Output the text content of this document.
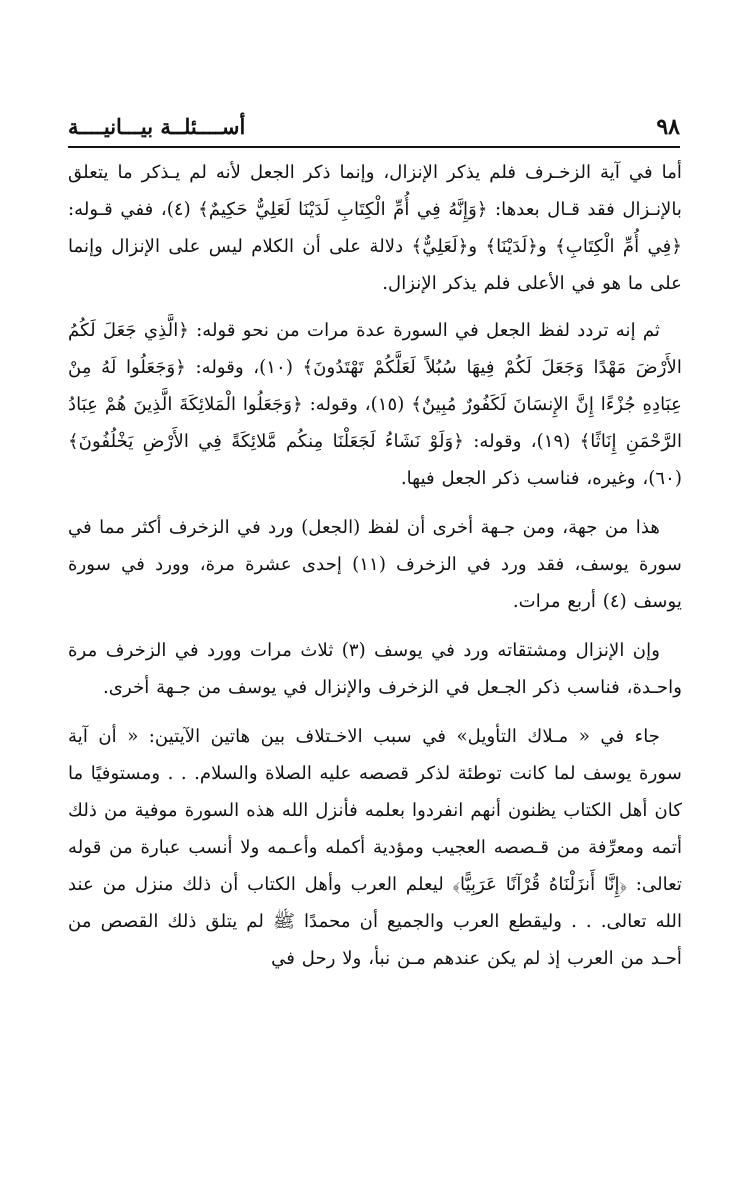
٩٨
أســــئلــة بيـــانيــــة

أما في آية الزخـرف فلم يذكر الإنزال، وإنما ذكر الجعل لأنه لم يـذكر ما يتعلق بالإنـزال فقد قـال بعدها: ﴿وَإِنَّهُ فِي أُمِّ الْكِتَابِ لَدَيْنَا لَعَلِيٌّ حَكِيمٌ﴾ (٤)، ففي قـوله: ﴿فِي أُمِّ الْكِتَابِ﴾ و﴿لَدَيْنَا﴾ و﴿لَعَلِيٌّ﴾ دلالة على أن الكلام ليس على الإنزال وإنما على ما هو في الأعلى فلم يذكر الإنزال.

ثم إنه تردد لفظ الجعل في السورة عدة مرات من نحو قوله: ﴿الَّذِي جَعَلَ لَكُمُ الأَرْضَ مَهْدًا وَجَعَلَ لَكُمْ فِيهَا سُبُلاً لَعَلَّكُمْ تَهْتَدُونَ﴾ (١٠)، وقوله: ﴿وَجَعَلُوا لَهُ مِنْ عِبَادِهِ جُزْءًا إِنَّ الإِنسَانَ لَكَفُورٌ مُبِينٌ﴾ (١٥)، وقوله: ﴿وَجَعَلُوا الْمَلائِكَةَ الَّذِينَ هُمْ عِبَادُ الرَّحْمَنِ إِنَاثًا﴾ (١٩)، وقوله: ﴿وَلَوْ نَشَاءُ لَجَعَلْنَا مِنكُم مَّلائِكَةً فِي الأَرْضِ يَخْلُفُونَ﴾ (٦٠)، وغيره، فناسب ذكر الجعل فيها.

هذا من جهة، ومن جـهة أخرى أن لفظ (الجعل) ورد في الزخرف أكثر مما في سورة يوسف، فقد ورد في الزخرف (١١) إحدى عشرة مرة، وورد في سورة يوسف (٤) أربع مرات.

وإن الإنزال ومشتقاته ورد في يوسف (٣) ثلاث مرات وورد في الزخرف مرة واحـدة، فناسب ذكر الجـعل في الزخرف والإنزال في يوسف من جـهة أخرى.

جاء في « مـلاك التأويل» في سبب الاخـتلاف بين هاتين الآيتين: « أن آية سورة يوسف لما كانت توطئة لذكر قصصه عليه الصلاة والسلام. . . ومستوفيًا ما كان أهل الكتاب يظنون أنهم انفردوا بعلمه فأنزل الله هذه السورة موفية من ذلك أتمه ومعرِّفة من قـصصه العجيب ومؤدية أكمله وأعـمه ولا أنسب عبارة من قوله تعالى: ﴿إِنَّا أَنزَلْنَاهُ قُرْآنًا عَرَبِيًّا﴾ ليعلم العرب وأهل الكتاب أن ذلك منزل من عند الله تعالى. . . وليقطع العرب والجميع أن محمدًا ﷺ لم يتلق ذلك القصص من أحـد من العرب إذ لم يكن عندهم مـن نبأ، ولا رحل في
